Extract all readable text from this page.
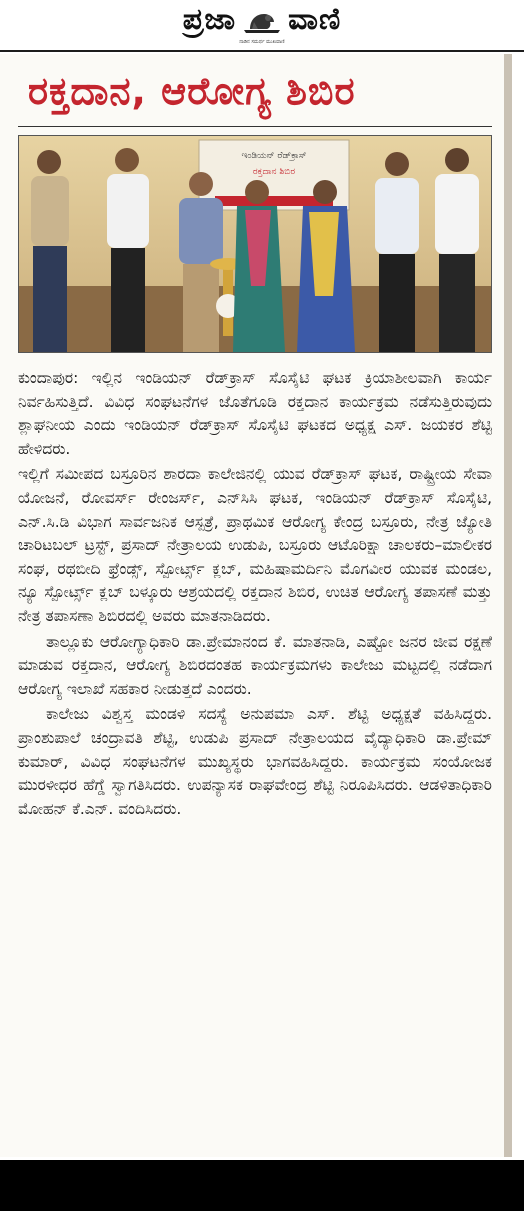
ಪ್ರಜಾ ವಾಣಿ
ನಾಡಿನ ಸಮರ್ಥ ಮುಖವಾಣಿ
ರಕ್ತದಾನ, ಆರೋಗ್ಯ ಶಿಬಿರ
ಇಂಡಿಯನ್ ರೆಡ್‌ಕ್ರಾಸ್
ರಕ್ತದಾನ ಶಿಬಿರ

ಕುಂದಾಪುರ: ಇಲ್ಲಿನ ಇಂಡಿಯನ್ ರೆಡ್‌ಕ್ರಾಸ್ ಸೊಸೈಟಿ ಘಟಕ ಕ್ರಿಯಾಶೀಲವಾಗಿ ಕಾರ್ಯ ನಿರ್ವಹಿಸುತ್ತಿದೆ. ವಿವಿಧ ಸಂಘಟನೆಗಳ ಜೊತೆಗೂಡಿ ರಕ್ತದಾನ ಕಾರ್ಯಕ್ರಮ ನಡೆಸುತ್ತಿರುವುದು ಶ್ಲಾಘನೀಯ ಎಂದು ಇಂಡಿಯನ್ ರೆಡ್‌ಕ್ರಾಸ್ ಸೊಸೈಟಿ ಘಟಕದ ಅಧ್ಯಕ್ಷ ಎಸ್. ಜಯಕರ ಶೆಟ್ಟಿ ಹೇಳಿದರು.

ಇಲ್ಲಿಗೆ ಸಮೀಪದ ಬಸ್ರೂರಿನ ಶಾರದಾ ಕಾಲೇಜಿನಲ್ಲಿ ಯುವ ರೆಡ್‌ಕ್ರಾಸ್ ಘಟಕ, ರಾಷ್ಟ್ರೀಯ ಸೇವಾ ಯೋಜನೆ, ರೋವರ್ಸ್ ರೇಂಜರ್ಸ್, ಎನ್‌ಸಿಸಿ ಘಟಕ, ಇಂಡಿಯನ್ ರೆಡ್‌ಕ್ರಾಸ್ ಸೊಸೈಟಿ, ಎನ್.ಸಿ.ಡಿ ವಿಭಾಗ ಸಾರ್ವಜನಿಕ ಆಸ್ಪತ್ರೆ, ಪ್ರಾಥಮಿಕ ಆರೋಗ್ಯ ಕೇಂದ್ರ ಬಸ್ರೂರು, ನೇತ್ರ ಜ್ಯೋತಿ ಚಾರಿಟಬಲ್ ಟ್ರಸ್ಟ್, ಪ್ರಸಾದ್ ನೇತ್ರಾಲಯ ಉಡುಪಿ, ಬಸ್ರೂರು ಆಟೊರಿಕ್ಷಾ ಚಾಲಕರು–ಮಾಲೀಕರ ಸಂಘ, ರಥಬೀದಿ ಫ್ರೆಂಡ್ಸ್, ಸ್ಪೋರ್ಟ್ಸ್ ಕ್ಲಬ್, ಮಹಿಷಾಮರ್ದಿನಿ ಮೊಗವೀರ ಯುವಕ ಮಂಡಲ, ನ್ಯೂ ಸ್ಪೋರ್ಟ್ಸ್ ಕ್ಲಬ್ ಬಳ್ಕೂರು ಆಶ್ರಯದಲ್ಲಿ ರಕ್ತದಾನ ಶಿಬಿರ, ಉಚಿತ ಆರೋಗ್ಯ ತಪಾಸಣೆ ಮತ್ತು ನೇತ್ರ ತಪಾಸಣಾ ಶಿಬಿರದಲ್ಲಿ ಅವರು ಮಾತನಾಡಿದರು.

ತಾಲ್ಲೂಕು ಆರೋಗ್ಯಾಧಿಕಾರಿ ಡಾ.ಪ್ರೇಮಾನಂದ ಕೆ. ಮಾತನಾಡಿ, ಎಷ್ಟೋ ಜನರ ಜೀವ ರಕ್ಷಣೆ ಮಾಡುವ ರಕ್ತದಾನ, ಆರೋಗ್ಯ ಶಿಬಿರದಂತಹ ಕಾರ್ಯಕ್ರಮಗಳು ಕಾಲೇಜು ಮಟ್ಟದಲ್ಲಿ ನಡೆದಾಗ ಆರೋಗ್ಯ ಇಲಾಖೆ ಸಹಕಾರ ನೀಡುತ್ತದೆ ಎಂದರು.

ಕಾಲೇಜು ವಿಶ್ವಸ್ತ ಮಂಡಳಿ ಸದಸ್ಯೆ ಅನುಪಮಾ ಎಸ್. ಶೆಟ್ಟಿ ಅಧ್ಯಕ್ಷತೆ ವಹಿಸಿದ್ದರು. ಪ್ರಾಂಶುಪಾಲೆ ಚಂದ್ರಾವತಿ ಶೆಟ್ಟಿ, ಉಡುಪಿ ಪ್ರಸಾದ್ ನೇತ್ರಾಲಯದ ವೈದ್ಯಾಧಿಕಾರಿ ಡಾ.ಪ್ರೇಮ್ ಕುಮಾರ್, ವಿವಿಧ ಸಂಘಟನೆಗಳ ಮುಖ್ಯಸ್ಥರು ಭಾಗವಹಿಸಿದ್ದರು. ಕಾರ್ಯಕ್ರಮ ಸಂಯೋಜಕ ಮುರಳೀಧರ ಹೆಗ್ಡೆ ಸ್ವಾಗತಿಸಿದರು. ಉಪನ್ಯಾಸಕ ರಾಘವೇಂದ್ರ ಶೆಟ್ಟಿ ನಿರೂಪಿಸಿದರು. ಆಡಳಿತಾಧಿಕಾರಿ ಮೋಹನ್ ಕೆ.ಎನ್. ವಂದಿಸಿದರು.
